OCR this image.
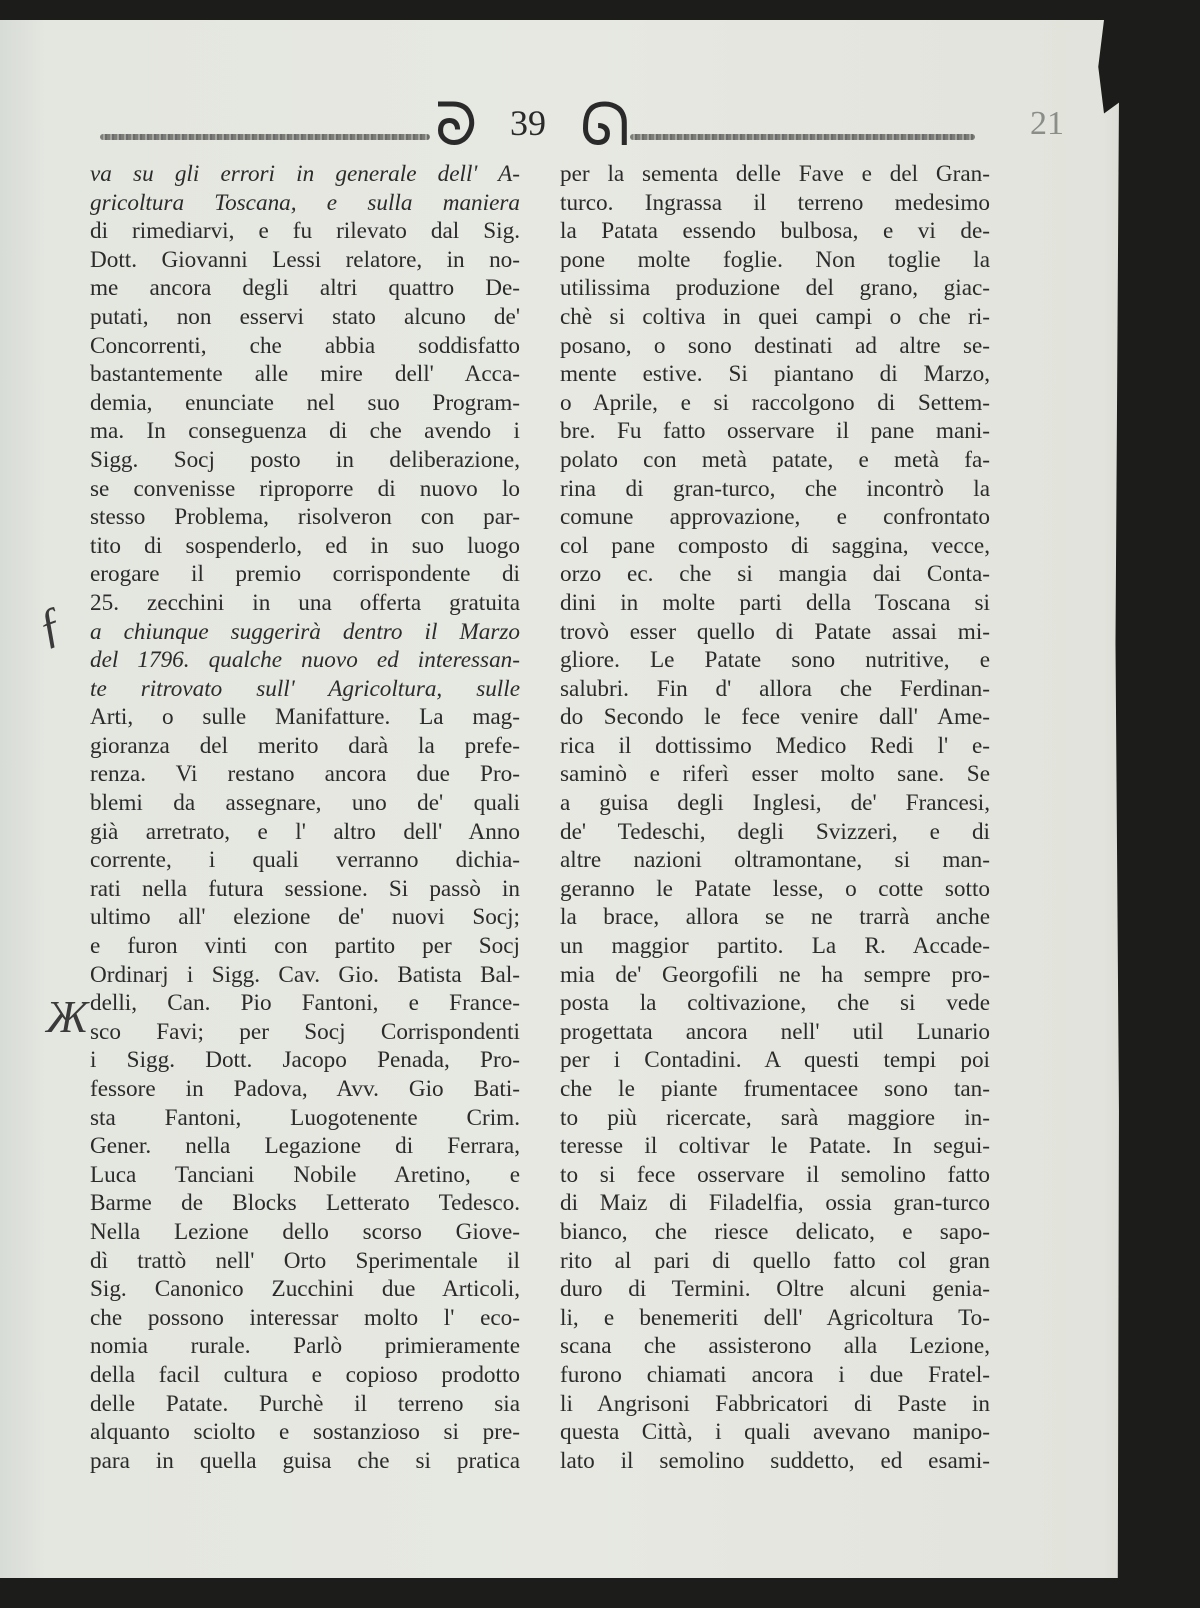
ᘐ 39 ᘏ	21
ƒ
Ж
va su gli errori in generale dell' A-
gricoltura Toscana, e sulla maniera
di rimediarvi, e fu rilevato dal Sig.
Dott. Giovanni Lessi relatore, in no-
me ancora degli altri quattro De-
putati, non esservi stato alcuno de'
Concorrenti, che abbia soddisfatto
bastantemente alle mire dell' Acca-
demia, enunciate nel suo Program-
ma. In conseguenza di che avendo i
Sigg. Socj posto in deliberazione,
se convenisse riproporre di nuovo lo
stesso Problema, risolveron con par-
tito di sospenderlo, ed in suo luogo
erogare il premio corrispondente di
25. zecchini in una offerta gratuita
a chiunque suggerirà dentro il Marzo
del 1796. qualche nuovo ed interessan-
te ritrovato sull' Agricoltura, sulle
Arti, o sulle Manifatture. La mag-
gioranza del merito darà la prefe-
renza. Vi restano ancora due Pro-
blemi da assegnare, uno de' quali
già arretrato, e l' altro dell' Anno
corrente, i quali verranno dichia-
rati nella futura sessione. Si passò in
ultimo all' elezione de' nuovi Socj;
e furon vinti con partito per Socj
Ordinarj i Sigg. Cav. Gio. Batista Bal-
delli, Can. Pio Fantoni, e France-
sco Favi; per Socj Corrispondenti
i Sigg. Dott. Jacopo Penada, Pro-
fessore in Padova, Avv. Gio Bati-
sta Fantoni, Luogotenente Crim.
Gener. nella Legazione di Ferrara,
Luca Tanciani Nobile Aretino, e
Barme de Blocks Letterato Tedesco.
Nella Lezione dello scorso Giove-
dì trattò nell' Orto Sperimentale il
Sig. Canonico Zucchini due Articoli,
che possono interessar molto l' eco-
nomia rurale. Parlò primieramente
della facil cultura e copioso prodotto
delle Patate. Purchè il terreno sia
alquanto sciolto e sostanzioso si pre-
para in quella guisa che si pratica
per la sementa delle Fave e del Gran-
turco. Ingrassa il terreno medesimo
la Patata essendo bulbosa, e vi de-
pone molte foglie. Non toglie la
utilissima produzione del grano, giac-
chè si coltiva in quei campi o che ri-
posano, o sono destinati ad altre se-
mente estive. Si piantano di Marzo,
o Aprile, e si raccolgono di Settem-
bre. Fu fatto osservare il pane mani-
polato con metà patate, e metà fa-
rina di gran-turco, che incontrò la
comune approvazione, e confrontato
col pane composto di saggina, vecce,
orzo ec. che si mangia dai Conta-
dini in molte parti della Toscana si
trovò esser quello di Patate assai mi-
gliore. Le Patate sono nutritive, e
salubri. Fin d' allora che Ferdinan-
do Secondo le fece venire dall' Ame-
rica il dottissimo Medico Redi l' e-
saminò e riferì esser molto sane. Se
a guisa degli Inglesi, de' Francesi,
de' Tedeschi, degli Svizzeri, e di
altre nazioni oltramontane, si man-
geranno le Patate lesse, o cotte sotto
la brace, allora se ne trarrà anche
un maggior partito. La R. Accade-
mia de' Georgofili ne ha sempre pro-
posta la coltivazione, che si vede
progettata ancora nell' util Lunario
per i Contadini. A questi tempi poi
che le piante frumentacee sono tan-
to più ricercate, sarà maggiore in-
teresse il coltivar le Patate. In segui-
to si fece osservare il semolino fatto
di Maiz di Filadelfia, ossia gran-turco
bianco, che riesce delicato, e sapo-
rito al pari di quello fatto col gran
duro di Termini. Oltre alcuni genia-
li, e benemeriti dell' Agricoltura To-
scana che assisterono alla Lezione,
furono chiamati ancora i due Fratel-
li Angrisoni Fabbricatori di Paste in
questa Città, i quali avevano manipo-
lato il semolino suddetto, ed esami-
